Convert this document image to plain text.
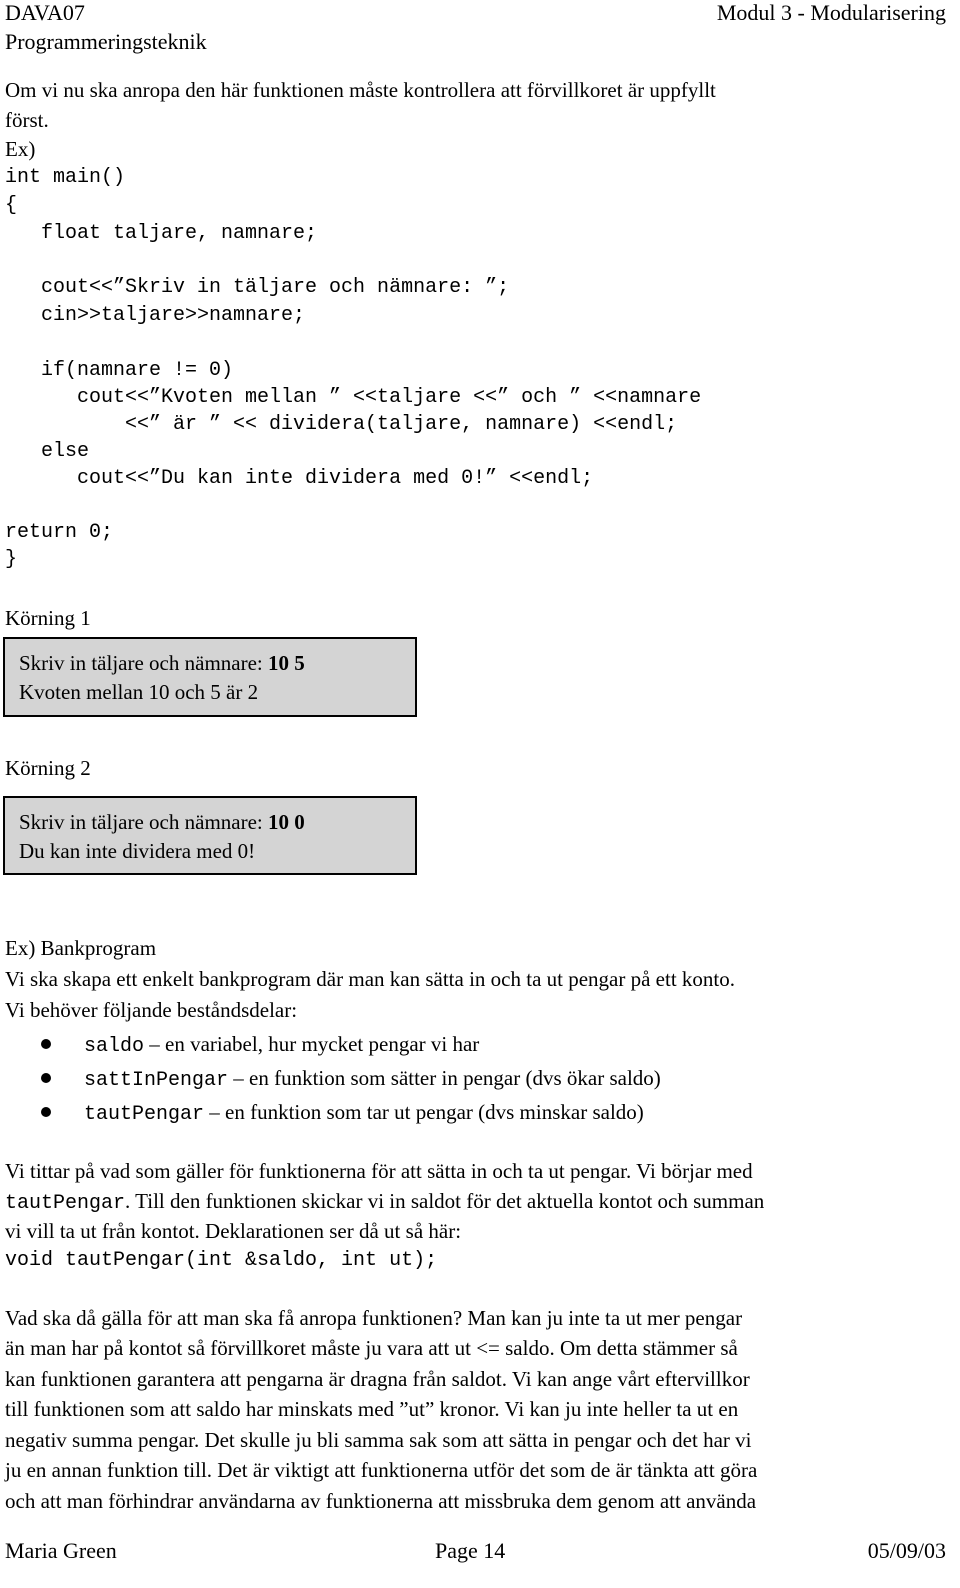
DAVA07	Modul 3 - Modularisering
Programmeringsteknik
Om vi nu ska anropa den här funktionen måste kontrollera att förvillkoret är uppfyllt
först.
Ex)
int main()
{
float taljare, namnare;
cout<<”Skriv in täljare och nämnare: ”;
cin>>taljare>>namnare;
if(namnare != 0)
cout<<”Kvoten mellan ” <<taljare <<” och ” <<namnare
<<” är ” << dividera(taljare, namnare) <<endl;
else
cout<<”Du kan inte dividera med 0!” <<endl;
return 0;
}
Körning 1
Skriv in täljare och nämnare: 10 5
Kvoten mellan 10 och 5 är 2
Körning 2
Skriv in täljare och nämnare: 10 0
Du kan inte dividera med 0!
Ex) Bankprogram
Vi ska skapa ett enkelt bankprogram där man kan sätta in och ta ut pengar på ett konto.
Vi behöver följande beståndsdelar:
saldo – en variabel, hur mycket pengar vi har
sattInPengar – en funktion som sätter in pengar (dvs ökar saldo)
tautPengar – en funktion som tar ut pengar (dvs minskar saldo)
Vi tittar på vad som gäller för funktionerna för att sätta in och ta ut pengar. Vi börjar med
tautPengar. Till den funktionen skickar vi in saldot för det aktuella kontot och summan
vi vill ta ut från kontot. Deklarationen ser då ut så här:
void tautPengar(int &saldo, int ut);
Vad ska då gälla för att man ska få anropa funktionen? Man kan ju inte ta ut mer pengar
än man har på kontot så förvillkoret måste ju vara att ut <= saldo. Om detta stämmer så
kan funktionen garantera att pengarna är dragna från saldot. Vi kan ange vårt eftervillkor
till funktionen som att saldo har minskats med ”ut” kronor. Vi kan ju inte heller ta ut en
negativ summa pengar. Det skulle ju bli samma sak som att sätta in pengar och det har vi
ju en annan funktion till. Det är viktigt att funktionerna utför det som de är tänkta att göra
och att man förhindrar användarna av funktionerna att missbruka dem genom att använda
Maria Green	Page 14	05/09/03
